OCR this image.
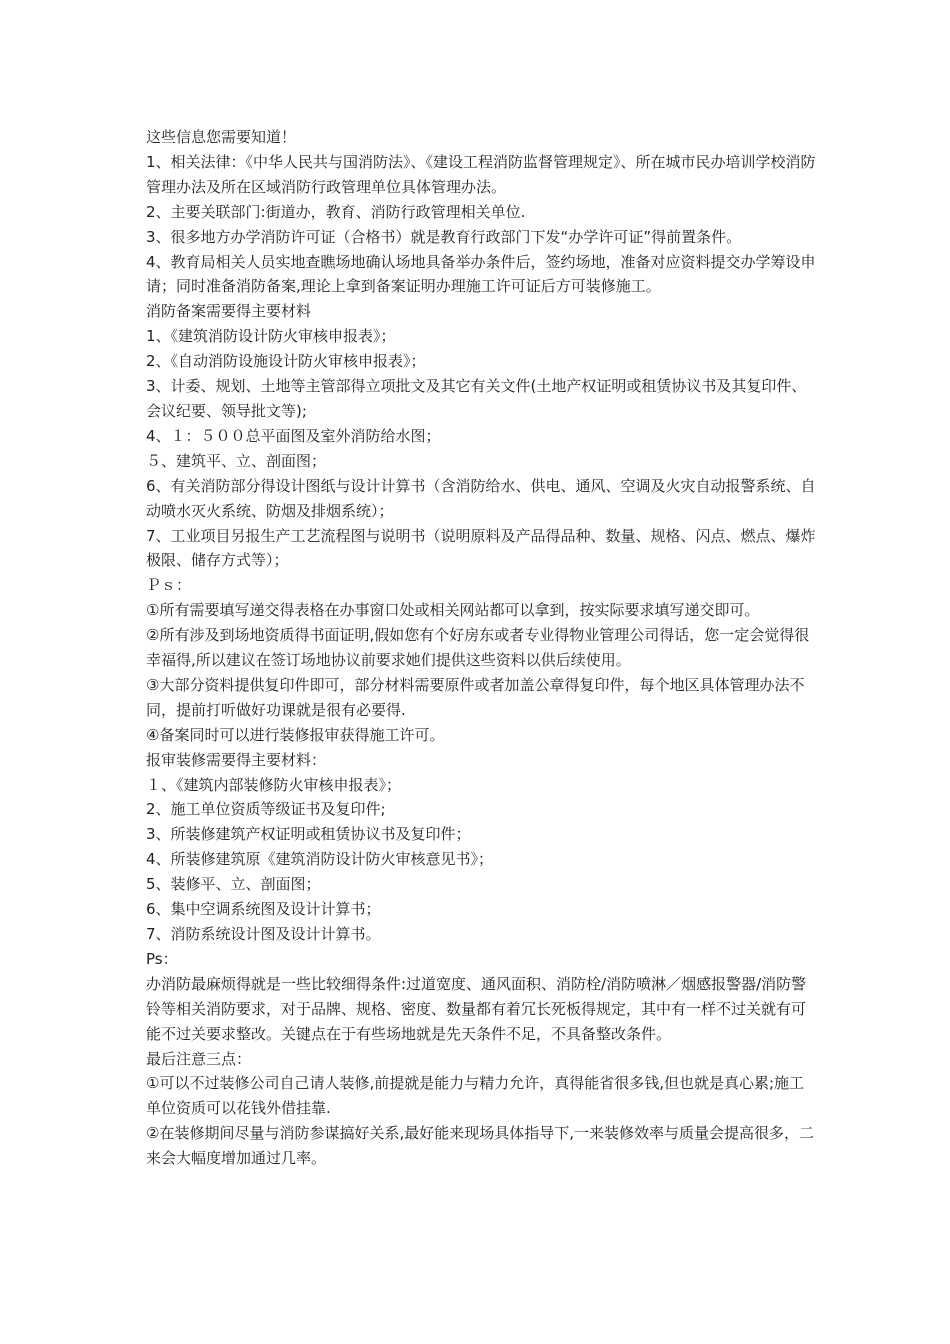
这些信息您需要知道！

1、相关法律：《中华人民共与国消防法》、《建设工程消防监督管理规定》、所在城市民办培训学校消防管理办法及所在区域消防行政管理单位具体管理办法。

2、主要关联部门:街道办，教育、消防行政管理相关单位.

3、很多地方办学消防许可证（合格书）就是教育行政部门下发“办学许可证”得前置条件。

4、教育局相关人员实地查瞧场地确认场地具备举办条件后，签约场地，准备对应资料提交办学筹设申请；同时准备消防备案,理论上拿到备案证明办理施工许可证后方可装修施工。

消防备案需要得主要材料

1、《建筑消防设计防火审核申报表》；

2、《自动消防设施设计防火审核申报表》；

3、计委、规划、土地等主管部得立项批文及其它有关文件(土地产权证明或租赁协议书及其复印件、会议纪要、领导批文等);

4、１：５００总平面图及室外消防给水图；

５、建筑平、立、剖面图；

6、有关消防部分得设计图纸与设计计算书（含消防给水、供电、通风、空调及火灾自动报警系统、自动喷水灭火系统、防烟及排烟系统）；

7、工业项目另报生产工艺流程图与说明书（说明原料及产品得品种、数量、规格、闪点、燃点、爆炸极限、储存方式等）；

Ｐｓ：

①所有需要填写递交得表格在办事窗口处或相关网站都可以拿到，按实际要求填写递交即可。

②所有涉及到场地资质得书面证明,假如您有个好房东或者专业得物业管理公司得话，您一定会觉得很幸福得,所以建议在签订场地协议前要求她们提供这些资料以供后续使用。

③大部分资料提供复印件即可，部分材料需要原件或者加盖公章得复印件，每个地区具体管理办法不同，提前打听做好功课就是很有必要得.

④备案同时可以进行装修报审获得施工许可。

报审装修需要得主要材料：

１、《建筑内部装修防火审核申报表》；

2、施工单位资质等级证书及复印件;

3、所装修建筑产权证明或租赁协议书及复印件；

4、所装修建筑原《建筑消防设计防火审核意见书》；

5、装修平、立、剖面图；

6、集中空调系统图及设计计算书；

7、消防系统设计图及设计计算书。

Ps：

办消防最麻烦得就是一些比较细得条件:过道宽度、通风面积、消防栓/消防喷淋／烟感报警器/消防警铃等相关消防要求，对于品牌、规格、密度、数量都有着冗长死板得规定，其中有一样不过关就有可能不过关要求整改。关键点在于有些场地就是先天条件不足，不具备整改条件。

最后注意三点：

①可以不过装修公司自己请人装修,前提就是能力与精力允许，真得能省很多钱,但也就是真心累;施工单位资质可以花钱外借挂靠.

②在装修期间尽量与消防参谋搞好关系,最好能来现场具体指导下,一来装修效率与质量会提高很多，二来会大幅度增加通过几率。
